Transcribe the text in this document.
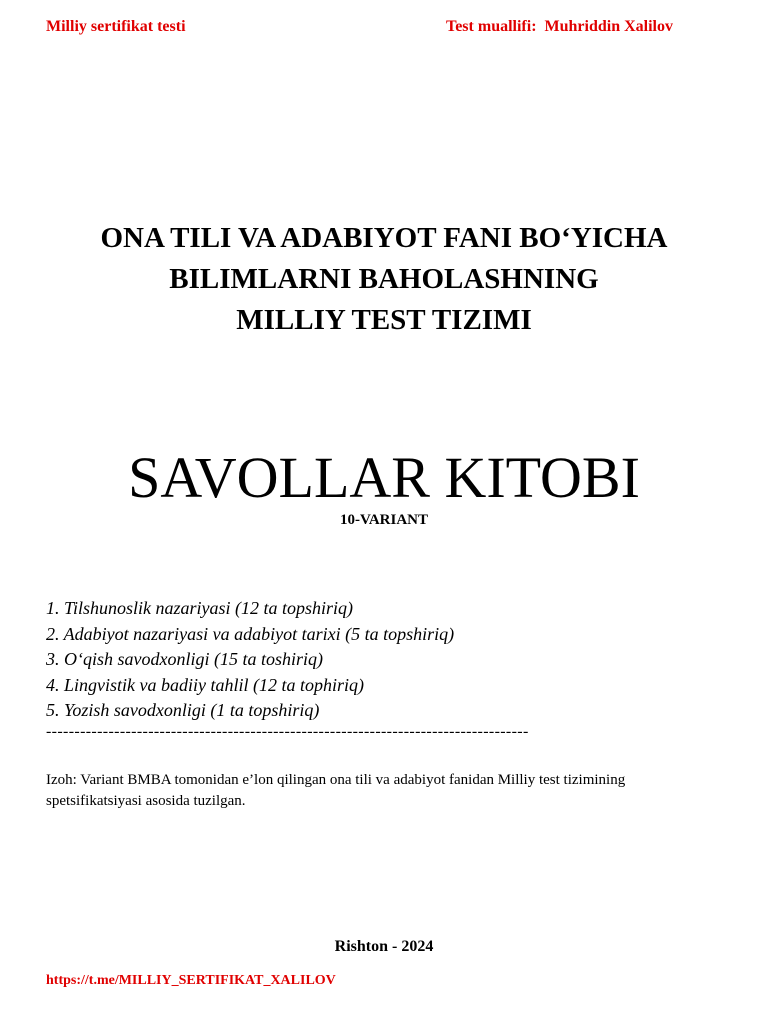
Milliy sertifikat testi	Test muallifi:  Muhriddin Xalilov
ONA TILI VA ADABIYOT FANI BO‘YICHA
BILIMLARNI BAHOLASHNING
MILLIY TEST TIZIMI
SAVOLLAR KITOBI
10-VARIANT
1. Tilshunoslik nazariyasi (12 ta topshiriq)
2. Adabiyot nazariyasi va adabiyot tarixi (5 ta topshiriq)
3. O‘qish savodxonligi (15 ta toshiriq)
4. Lingvistik va badiiy tahlil (12 ta tophiriq)
5. Yozish savodxonligi (1 ta topshiriq)
-------------------------------------------------------------------------------------
Izoh: Variant BMBA tomonidan e’lon qilingan ona tili va adabiyot fanidan Milliy test tizimining spetsifikatsiyasi asosida tuzilgan.
Rishton - 2024
https://t.me/MILLIY_SERTIFIKAT_XALILOV
